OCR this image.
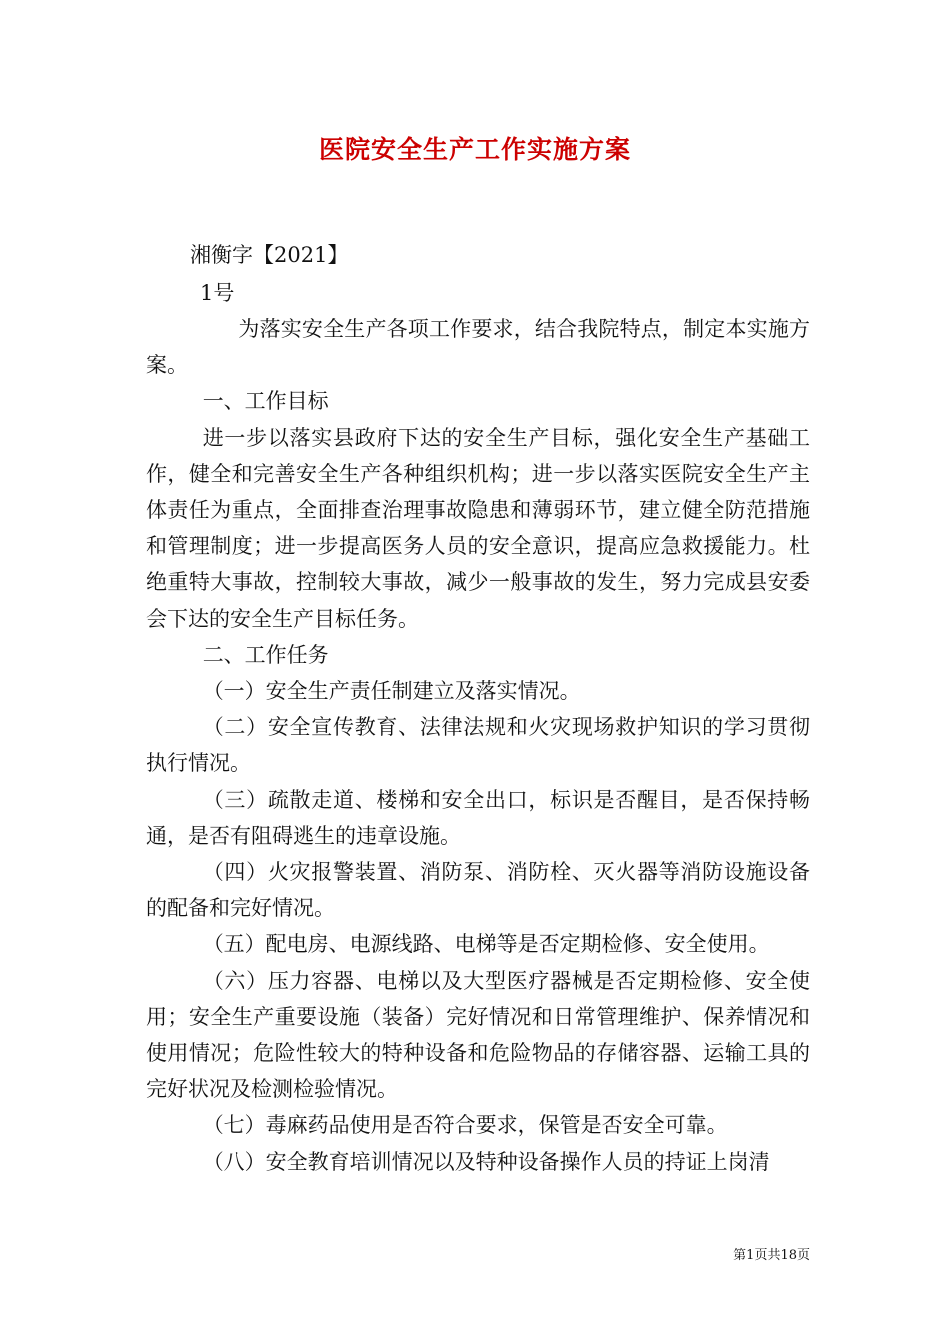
医院安全生产工作实施方案
湘衡字【2021】
1号

为落实安全生产各项工作要求，结合我院特点，制定本实施方案。

一、工作目标

进一步以落实县政府下达的安全生产目标，强化安全生产基础工作，健全和完善安全生产各种组织机构；进一步以落实医院安全生产主体责任为重点，全面排查治理事故隐患和薄弱环节，建立健全防范措施和管理制度；进一步提高医务人员的安全意识，提高应急救援能力。杜绝重特大事故，控制较大事故，减少一般事故的发生，努力完成县安委会下达的安全生产目标任务。

二、工作任务

（一）安全生产责任制建立及落实情况。

（二）安全宣传教育、法律法规和火灾现场救护知识的学习贯彻执行情况。

（三）疏散走道、楼梯和安全出口，标识是否醒目，是否保持畅通，是否有阻碍逃生的违章设施。

（四）火灾报警装置、消防泵、消防栓、灭火器等消防设施设备的配备和完好情况。

（五）配电房、电源线路、电梯等是否定期检修、安全使用。

（六）压力容器、电梯以及大型医疗器械是否定期检修、安全使用；安全生产重要设施（装备）完好情况和日常管理维护、保养情况和使用情况；危险性较大的特种设备和危险物品的存储容器、运输工具的完好状况及检测检验情况。

（七）毒麻药品使用是否符合要求，保管是否安全可靠。

（八）安全教育培训情况以及特种设备操作人员的持证上岗清

第1页共18页
